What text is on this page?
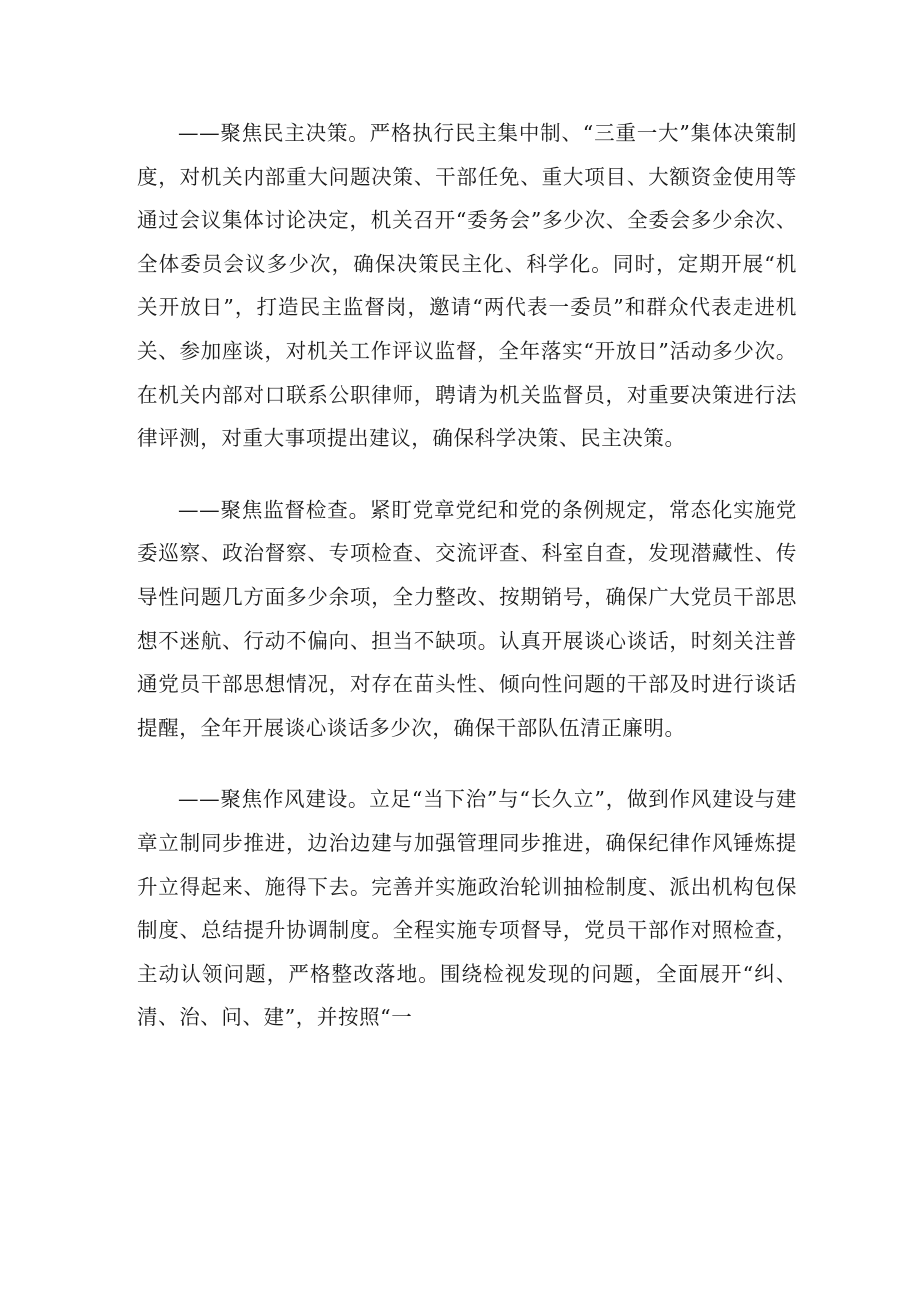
——聚焦民主决策。严格执行民主集中制、“三重一大”集体决策制度，对机关内部重大问题决策、干部任免、重大项目、大额资金使用等通过会议集体讨论决定，机关召开“委务会”多少次、全委会多少余次、全体委员会议多少次，确保决策民主化、科学化。同时，定期开展“机关开放日”，打造民主监督岗，邀请“两代表一委员”和群众代表走进机关、参加座谈，对机关工作评议监督，全年落实“开放日”活动多少次。在机关内部对口联系公职律师，聘请为机关监督员，对重要决策进行法律评测，对重大事项提出建议，确保科学决策、民主决策。

——聚焦监督检查。紧盯党章党纪和党的条例规定，常态化实施党委巡察、政治督察、专项检查、交流评查、科室自查，发现潜藏性、传导性问题几方面多少余项，全力整改、按期销号，确保广大党员干部思想不迷航、行动不偏向、担当不缺项。认真开展谈心谈话，时刻关注普通党员干部思想情况，对存在苗头性、倾向性问题的干部及时进行谈话提醒，全年开展谈心谈话多少次，确保干部队伍清正廉明。

——聚焦作风建设。立足“当下治”与“长久立”，做到作风建设与建章立制同步推进，边治边建与加强管理同步推进，确保纪律作风锤炼提升立得起来、施得下去。完善并实施政治轮训抽检制度、派出机构包保制度、总结提升协调制度。全程实施专项督导，党员干部作对照检查，主动认领问题，严格整改落地。围绕检视发现的问题，全面展开“纠、清、治、问、建”，并按照“一
